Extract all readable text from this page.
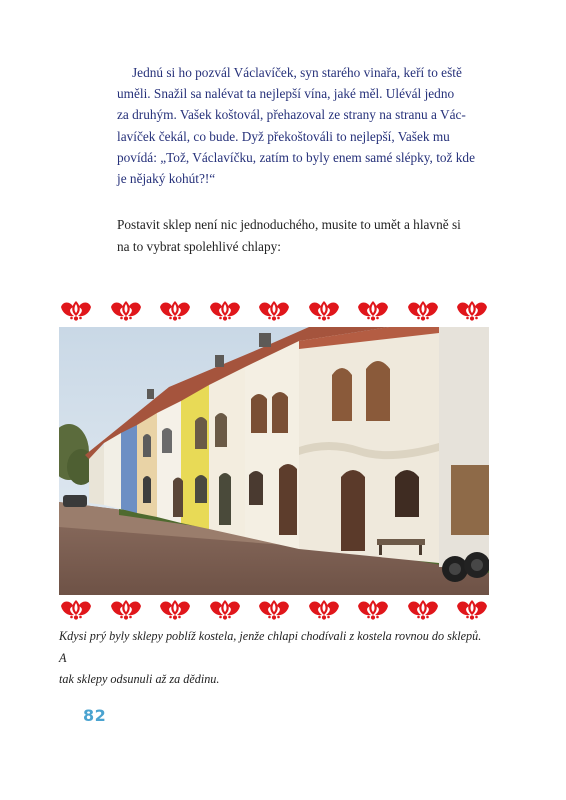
Jednú si ho pozvál Václavíček, syn starého vinařa, keří to eště
uměli. Snažil sa nalévat ta nejlepší vína, jaké měl. Ulévál jedno
za druhým. Vašek koštovál, přehazoval ze strany na stranu a Vác-
lavíček čekál, co bude. Dyž překoštováli to nejlepší, Vašek mu
povídá: „Tož, Václavíčku, zatím to byly enem samé slépky, tož kde
je nějaký kohút?!“
Postavit sklep není nic jednoduchého, musite to umět a hlavně si
na to vybrat spolehlivé chlapy:
Kdysi prý byly sklepy poblíž kostela, jenže chlapi chodívali z kostela rovnou do sklepů. A
tak sklepy odsunuli až za dědinu.
82
